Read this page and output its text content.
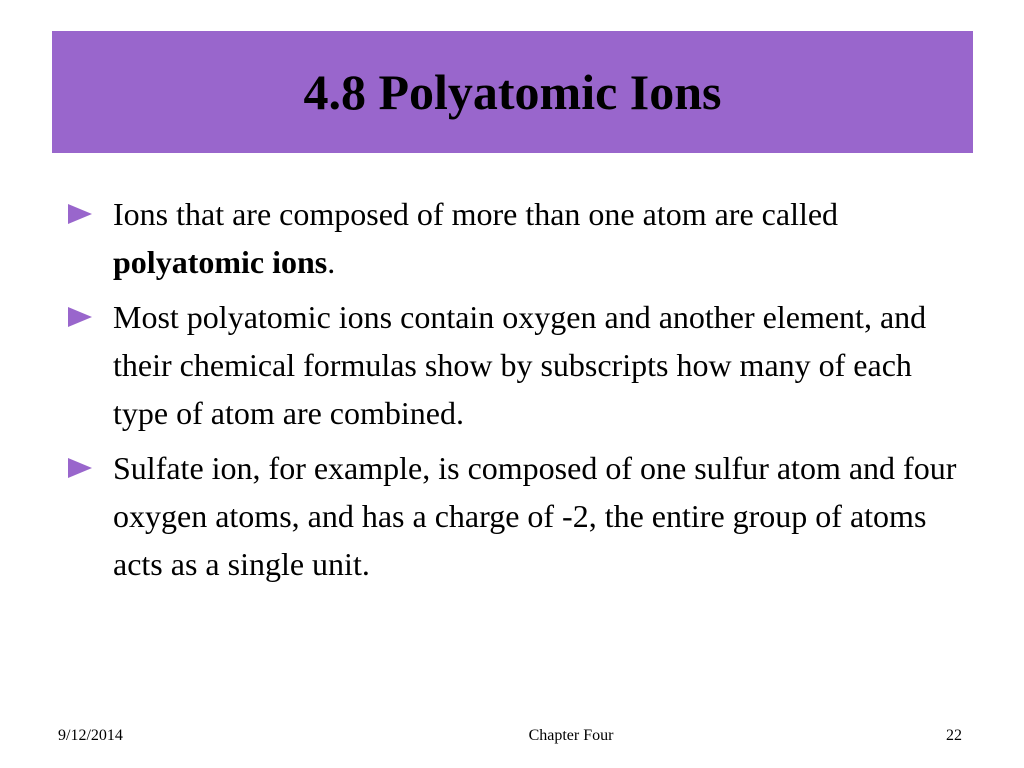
4.8 Polyatomic Ions
Ions that are composed of more than one atom are called polyatomic ions.
Most polyatomic ions contain oxygen and another element, and their chemical formulas show by subscripts how many of each type of atom are combined.
Sulfate ion, for example, is composed of one sulfur atom and four oxygen atoms, and has a charge of -2, the entire group of atoms acts as a single unit.
9/12/2014	Chapter Four	22
